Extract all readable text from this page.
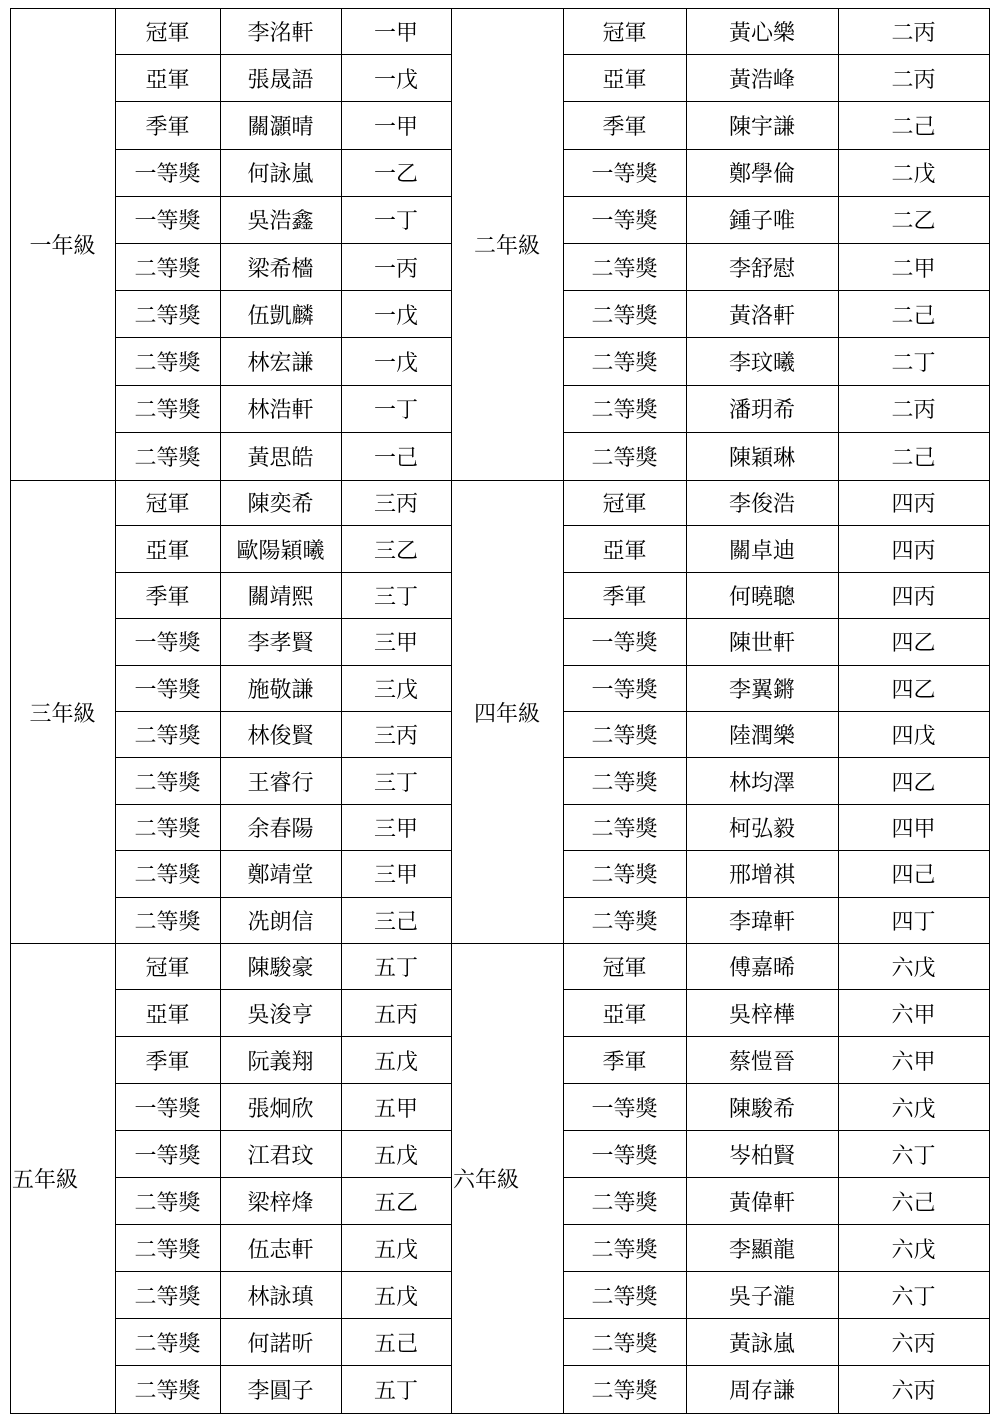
一年級
冠軍	李洺軒	一甲
亞軍	張晟語	一戊
季軍	關灝晴	一甲
一等獎	何詠嵐	一乙
一等獎	吳浩鑫	一丁
二等獎	梁希檣	一丙
二等獎	伍凱麟	一戊
二等獎	林宏謙	一戊
二等獎	林浩軒	一丁
二等獎	黃思皓	一己
二年級
冠軍	黃心樂	二丙
亞軍	黃浩峰	二丙
季軍	陳宇謙	二己
一等獎	鄭學倫	二戊
一等獎	鍾子唯	二乙
二等獎	李舒慰	二甲
二等獎	黃洛軒	二己
二等獎	李玟曦	二丁
二等獎	潘玥希	二丙
二等獎	陳穎琳	二己
三年級
冠軍	陳奕希	三丙
亞軍	歐陽穎曦	三乙
季軍	關靖熙	三丁
一等獎	李孝賢	三甲
一等獎	施敬謙	三戊
二等獎	林俊賢	三丙
二等獎	王睿行	三丁
二等獎	余春陽	三甲
二等獎	鄭靖堂	三甲
二等獎	冼朗信	三己
四年級
冠軍	李俊浩	四丙
亞軍	關卓迪	四丙
季軍	何曉聰	四丙
一等獎	陳世軒	四乙
一等獎	李翼鏘	四乙
二等獎	陸潤樂	四戊
二等獎	林均澤	四乙
二等獎	柯弘毅	四甲
二等獎	邢增祺	四己
二等獎	李瑋軒	四丁
五年級
冠軍	陳駿豪	五丁
亞軍	吳浚亨	五丙
季軍	阮義翔	五戊
一等獎	張炯欣	五甲
一等獎	江君玟	五戊
二等獎	梁梓烽	五乙
二等獎	伍志軒	五戊
二等獎	林詠瑱	五戊
二等獎	何諾昕	五己
二等獎	李圓子	五丁
六年級
冠軍	傅嘉晞	六戊
亞軍	吳梓樺	六甲
季軍	蔡愷晉	六甲
一等獎	陳駿希	六戊
一等獎	岑柏賢	六丁
二等獎	黃偉軒	六己
二等獎	李顯龍	六戊
二等獎	吳子瀧	六丁
二等獎	黃詠嵐	六丙
二等獎	周存謙	六丙
